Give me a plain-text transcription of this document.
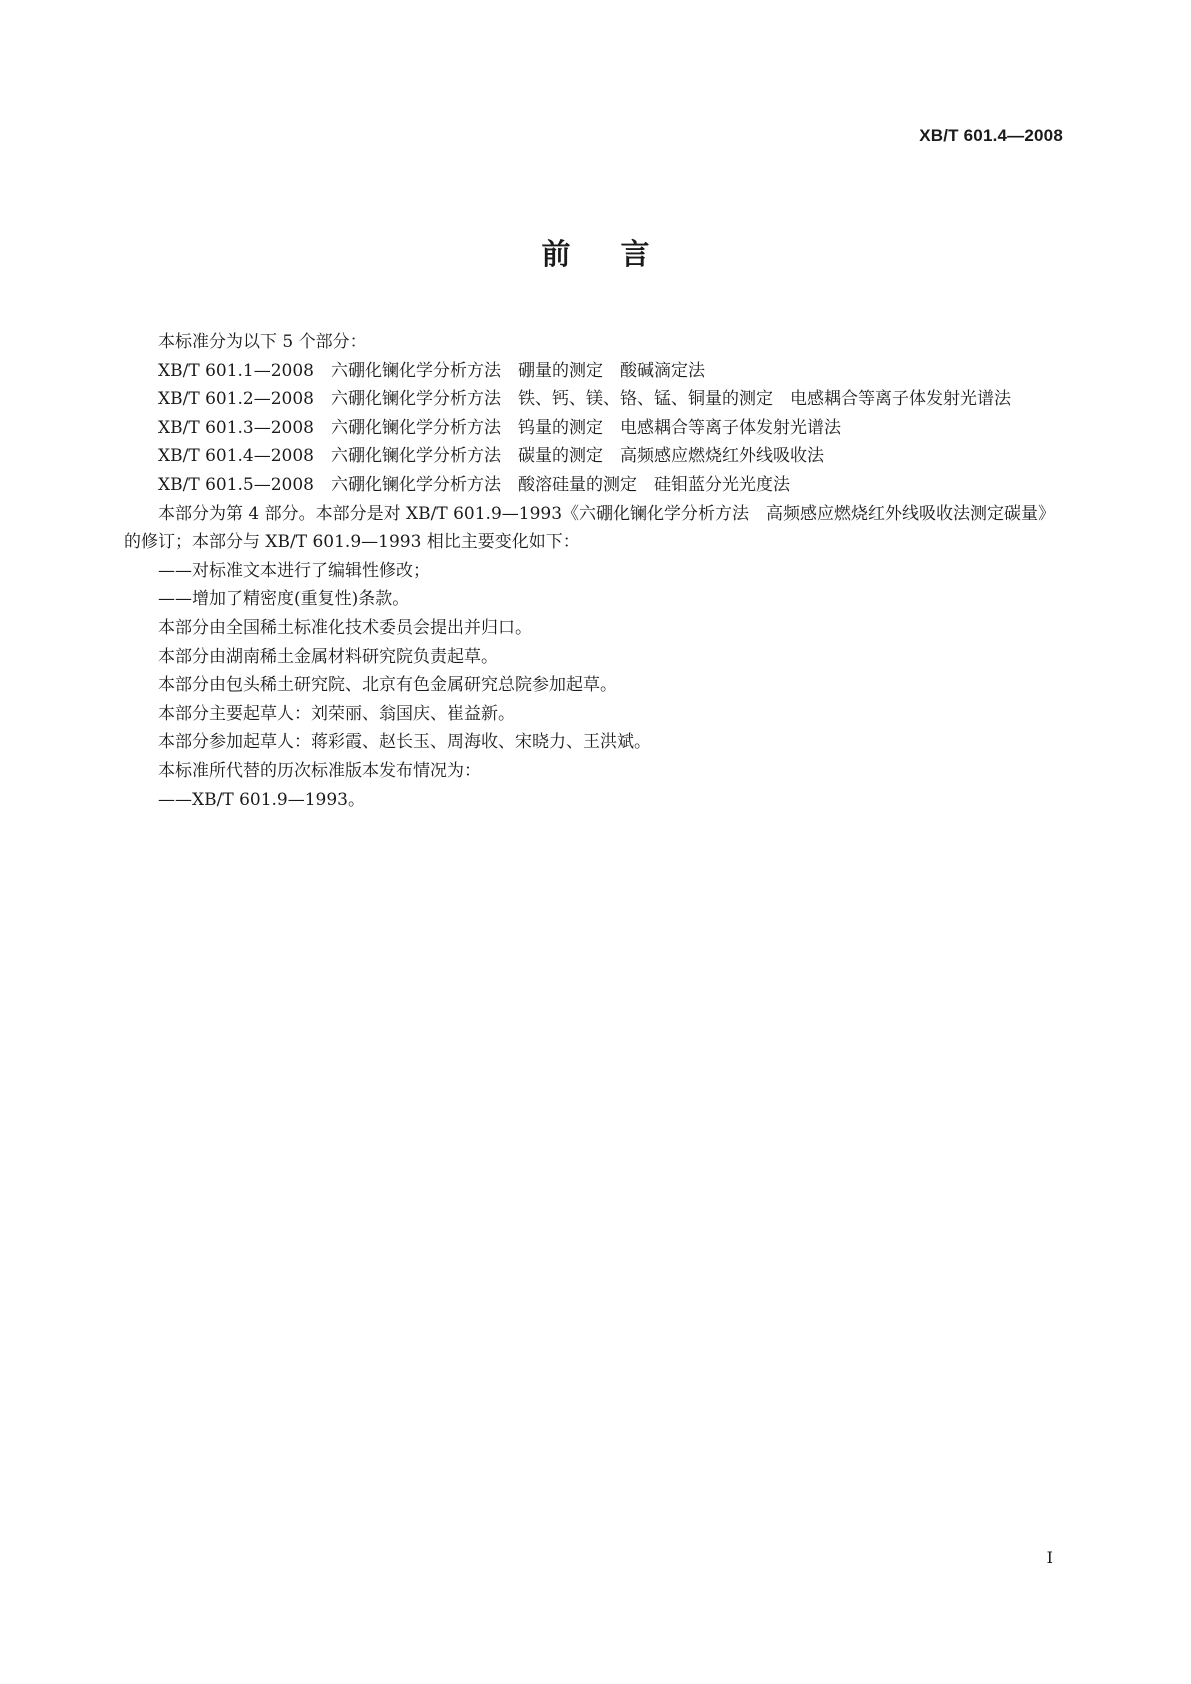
XB/T 601.4—2008
前言

本标准分为以下 5 个部分：

XB/T 601.1—2008 六硼化镧化学分析方法 硼量的测定 酸碱滴定法

XB/T 601.2—2008 六硼化镧化学分析方法 铁、钙、镁、铬、锰、铜量的测定 电感耦合等离子体发射光谱法

XB/T 601.3—2008 六硼化镧化学分析方法 钨量的测定 电感耦合等离子体发射光谱法

XB/T 601.4—2008 六硼化镧化学分析方法 碳量的测定 高频感应燃烧红外线吸收法

XB/T 601.5—2008 六硼化镧化学分析方法 酸溶硅量的测定 硅钼蓝分光光度法

本部分为第 4 部分。本部分是对 XB/T 601.9—1993《六硼化镧化学分析方法 高频感应燃烧红外线吸收法测定碳量》的修订；本部分与 XB/T 601.9—1993 相比主要变化如下：

——对标准文本进行了编辑性修改；

——增加了精密度(重复性)条款。

本部分由全国稀土标准化技术委员会提出并归口。

本部分由湖南稀土金属材料研究院负责起草。

本部分由包头稀土研究院、北京有色金属研究总院参加起草。

本部分主要起草人：刘荣丽、翁国庆、崔益新。

本部分参加起草人：蒋彩霞、赵长玉、周海收、宋晓力、王洪斌。

本标准所代替的历次标准版本发布情况为：

——XB/T 601.9—1993。

I
